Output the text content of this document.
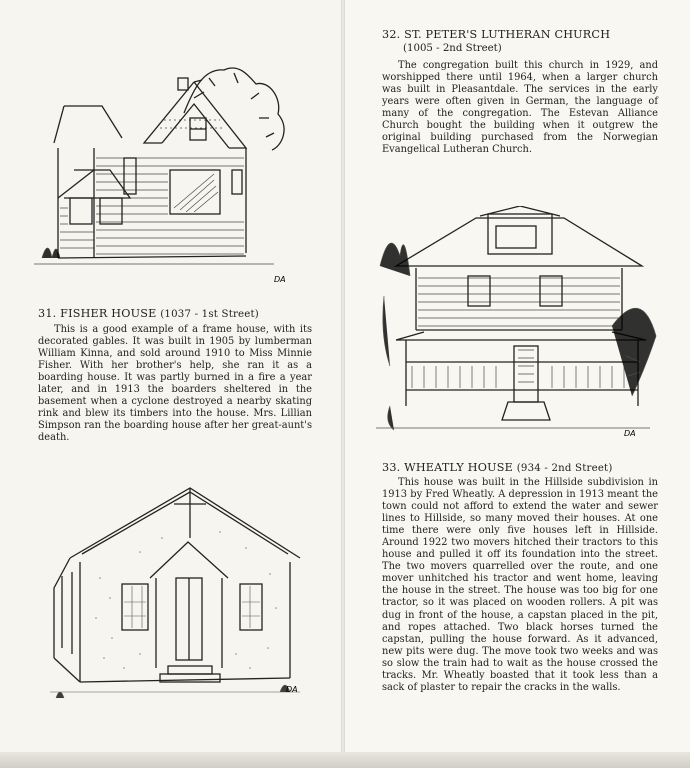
DA
31. FISHER HOUSE (1037 - 1st Street)

This is a good example of a frame house, with its decorated gables. It was built in 1905 by lumberman William Kinna, and sold around 1910 to Miss Minnie Fisher. With her brother's help, she ran it as a boarding house. It was partly burned in a fire a year later, and in 1913 the boarders sheltered in the basement when a cyclone destroyed a nearby skating rink and blew its timbers into the house. Mrs. Lillian Simpson ran the boarding house after her great-aunt's death.

DA
32. ST. PETER'S LUTHERAN CHURCH
(1005 - 2nd Street)

The congregation built this church in 1929, and worshipped there until 1964, when a larger church was built in Pleasantdale. The services in the early years were often given in German, the language of many of the congregation. The Estevan Alliance Church bought the building when it outgrew the original building purchased from the Norwegian Evangelical Lutheran Church.

DA
33. WHEATLY HOUSE (934 - 2nd Street)

This house was built in the Hillside subdivision in 1913 by Fred Wheatly. A depression in 1913 meant the town could not afford to extend the water and sewer lines to Hillside, so many moved their houses. At one time there were only five houses left in Hillside. Around 1922 two movers hitched their tractors to this house and pulled it off its foundation into the street. The two movers quarrelled over the route, and one mover unhitched his tractor and went home, leaving the house in the street. The house was too big for one tractor, so it was placed on wooden rollers. A pit was dug in front of the house, a capstan placed in the pit, and ropes attached. Two black horses turned the capstan, pulling the house forward. As it advanced, new pits were dug. The move took two weeks and was so slow the train had to wait as the house crossed the tracks. Mr. Wheatly boasted that it took less than a sack of plaster to repair the cracks in the walls.
